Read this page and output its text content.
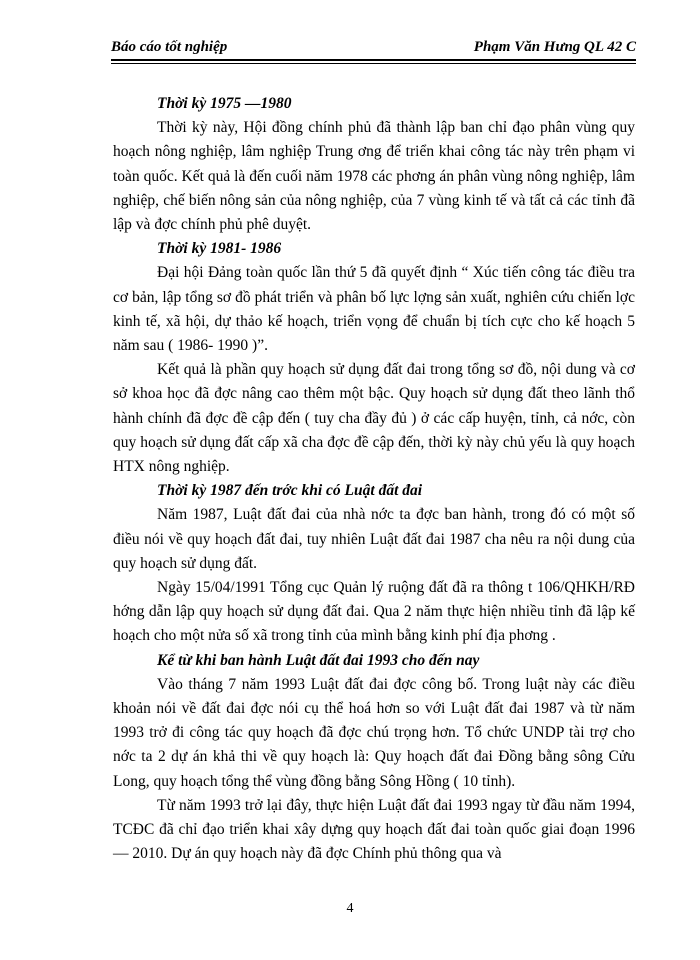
Báo cáo tốt nghiệp	Phạm Văn Hưng QL 42 C
Thời kỳ 1975 —1980

Thời kỳ này, Hội đồng chính phủ đã thành lập ban chỉ đạo phân vùng quy hoạch nông nghiệp, lâm nghiệp Trung ơng để triển khai công tác này trên phạm vi toàn quốc. Kết quả là đến cuối năm 1978 các phơng án phân vùng nông nghiệp, lâm nghiệp, chế biến nông sản của nông nghiệp, của 7 vùng kinh tế và tất cả các tỉnh đã lập và đợc chính phủ phê duyệt.

Thời kỳ 1981- 1986

Đại hội Đảng toàn quốc lần thứ 5 đã quyết định “ Xúc tiến công tác điều tra cơ bản, lập tổng sơ đồ phát triển và phân bố lực lợng sản xuất, nghiên cứu chiến lợc kinh tế, xã hội, dự thảo kế hoạch, triển vọng để chuẩn bị tích cực cho kế hoạch 5 năm sau ( 1986- 1990 )”.

Kết quả là phần quy hoạch sử dụng đất đai trong tổng sơ đồ, nội dung và cơ sở khoa học đã đợc nâng cao thêm một bậc. Quy hoạch sử dụng đất theo lãnh thổ hành chính đã đợc đề cập đến ( tuy cha đầy đủ ) ở các cấp huyện, tỉnh, cả nớc, còn quy hoạch sử dụng đất cấp xã cha đợc đề cập đến, thời kỳ này chủ yếu là quy hoạch HTX nông nghiệp.

Thời kỳ 1987 đến trớc khi có Luật đất đai

Năm 1987, Luật đất đai của nhà nớc ta đợc ban hành, trong đó có một số điều nói về quy hoạch đất đai, tuy nhiên Luật đất đai 1987 cha nêu ra nội dung của quy hoạch sử dụng đất.

Ngày 15/04/1991 Tổng cục Quản lý ruộng đất đã ra thông t 106/QHKH/RĐ hớng dẫn lập quy hoạch sử dụng đất đai. Qua 2 năm thực hiện nhiều tỉnh đã lập kế hoạch cho một nửa số xã trong tỉnh của mình bằng kinh phí địa phơng .

Kể từ khi ban hành Luật đất đai 1993 cho đến nay

Vào tháng 7 năm 1993 Luật đất đai đợc công bố. Trong luật này các điều khoản nói về đất đai đợc nói cụ thể hoá hơn so với Luật đất đai 1987 và từ năm 1993 trở đi công tác quy hoạch đã đợc chú trọng hơn. Tổ chức UNDP tài trợ cho nớc ta 2 dự án khả thi về quy hoạch là: Quy hoạch đất đai Đồng bằng sông Cửu Long, quy hoạch tổng thể vùng đồng bằng Sông Hồng ( 10 tỉnh).

Từ năm 1993 trở lại đây, thực hiện Luật đất đai 1993 ngay từ đầu năm 1994, TCĐC đã chỉ đạo triển khai xây dựng quy hoạch đất đai toàn quốc giai đoạn 1996 — 2010. Dự án quy hoạch này đã đợc Chính phủ thông qua và

4
